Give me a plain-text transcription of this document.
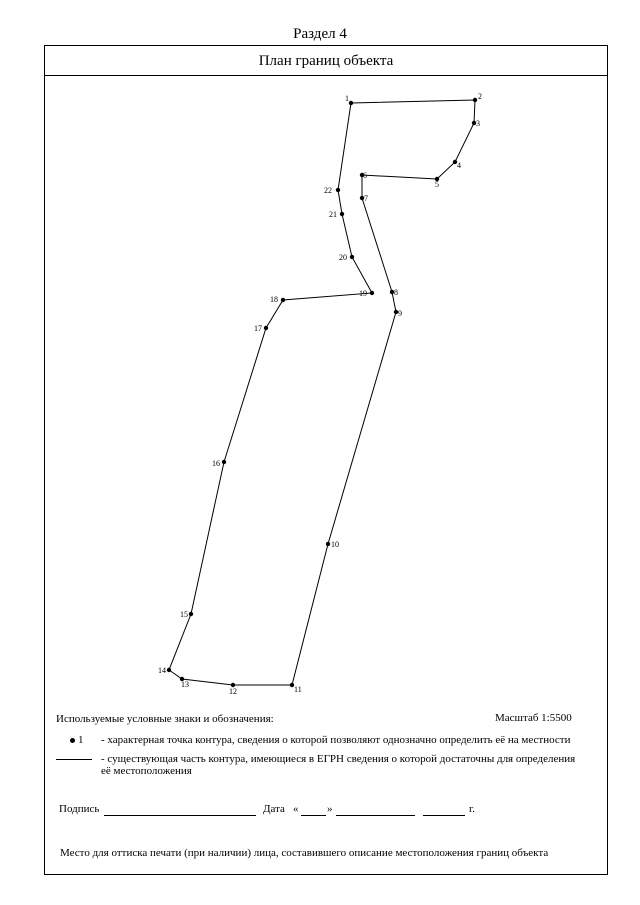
Раздел 4
План границ объекта
1	2
3
4
5
6
7
8
9
10
11
12
13
14
15
16
17
18
19
20
21
22
Используемые условные знаки и обозначения:	Масштаб 1:5500
1 - характерная точка контура, сведения о которой позволяют однозначно определить её на местности
- существующая часть контура, имеющиеся в ЕГРН сведения о которой достаточны для определения
её местоположения
Подпись	Дата «	»	г.
Место для оттиска печати (при наличии) лица, составившего описание местоположения границ объекта
